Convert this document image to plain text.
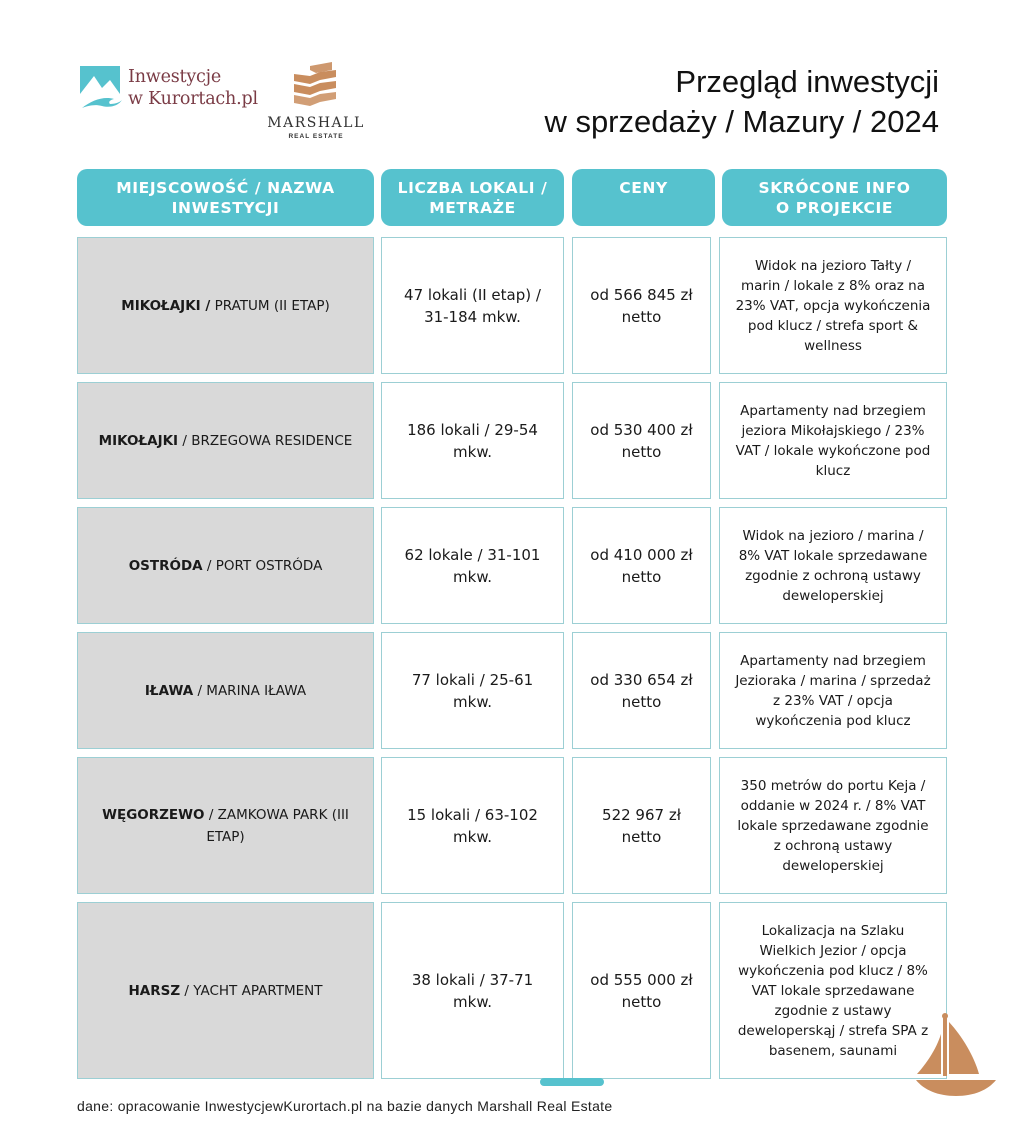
Inwestycje
w Kurortach.pl
MARSHALL
REAL ESTATE
Przegląd inwestycji
w sprzedaży / Mazury / 2024
MIEJSCOWOŚĆ / NAZWA
INWESTYCJI
LICZBA LOKALI /
METRAŻE
CENY	SKRÓCONE INFO
O PROJEKCIE
MIKOŁAJKI / PRATUM (II ETAP)
47 lokali (II etap) / 31-184 mkw.
od 566 845 zł netto
Widok na jezioro Tałty / marin / lokale z 8% oraz na 23% VAT, opcja wykończenia pod klucz / strefa sport & wellness
MIKOŁAJKI / BRZEGOWA RESIDENCE
186 lokali / 29-54 mkw.
od 530 400 zł netto
Apartamenty nad brzegiem jeziora Mikołajskiego / 23% VAT / lokale wykończone pod klucz
OSTRÓDA / PORT OSTRÓDA
62 lokale / 31-101 mkw.
od 410 000 zł netto
Widok na jezioro / marina / 8% VAT lokale sprzedawane zgodnie z ochroną ustawy deweloperskiej
IŁAWA / MARINA IŁAWA
77 lokali / 25-61 mkw.
od 330 654 zł netto
Apartamenty nad brzegiem Jezioraka / marina / sprzedaż z 23% VAT / opcja wykończenia pod klucz
WĘGORZEWO / ZAMKOWA PARK (III ETAP)
15 lokali / 63-102 mkw.
522 967 zł netto
350 metrów do portu Keja / oddanie w 2024 r. / 8% VAT lokale sprzedawane zgodnie z ochroną ustawy deweloperskiej
HARSZ / YACHT APARTMENT
38 lokali / 37-71 mkw.
od 555 000 zł netto
Lokalizacja na Szlaku Wielkich Jezior / opcja wykończenia pod klucz / 8% VAT lokale sprzedawane zgodnie z ustawy deweloperskąj / strefa SPA z basenem, saunami
dane: opracowanie InwestycjewKurortach.pl na bazie danych Marshall Real Estate
